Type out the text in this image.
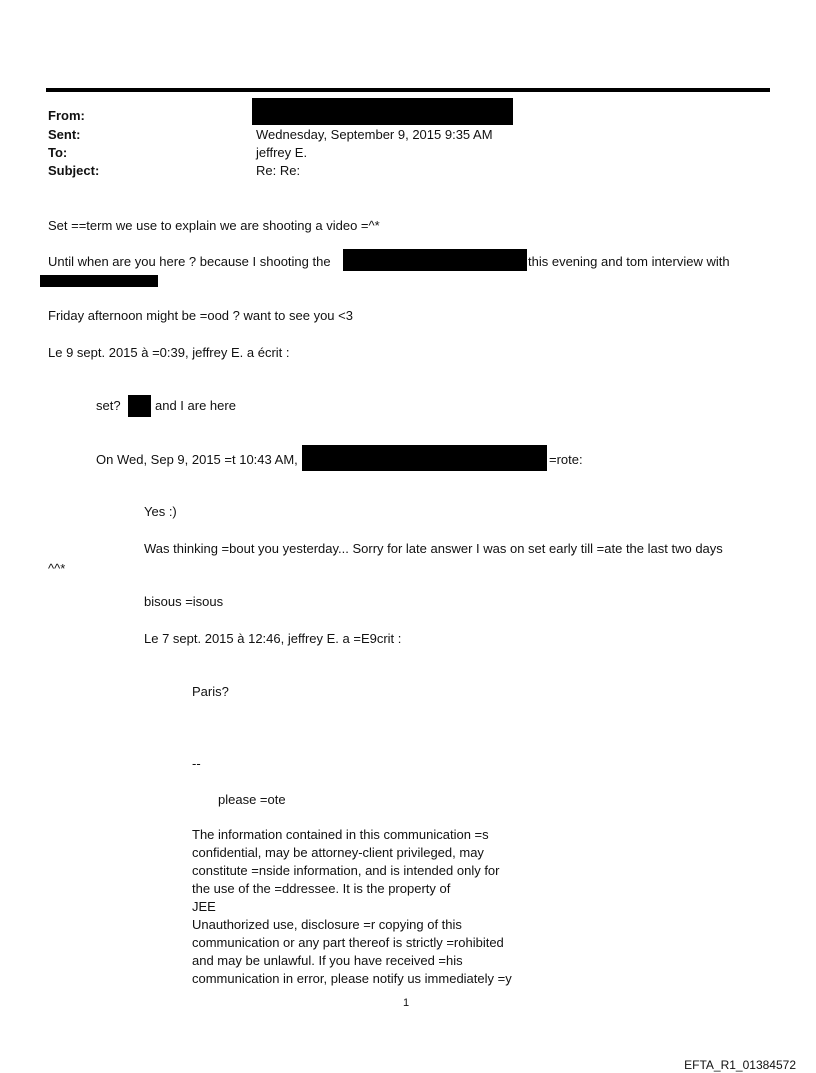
From:
Sent:	Wednesday, September 9, 2015 9:35 AM
To:	jeffrey E.
Subject:	Re: Re:
Set ==term we use to explain we are shooting a video =^*
Until when are you here ? because I shooting the	this evening and tom interview with
Friday afternoon might be =ood ? want to see you <3
Le 9 sept. 2015 à =0:39, jeffrey E. a écrit :
set?	and I are here
On Wed, Sep 9, 2015 =t 10:43 AM,	=rote:
Yes :)
Was thinking =bout you yesterday... Sorry for late answer I was on set early till =ate the last two days
^^*
bisous =isous
Le 7 sept. 2015 à 12:46, jeffrey E. a =E9crit :
Paris?
--
please =ote
The information contained in this communication =s
confidential, may be attorney-client privileged, may
constitute =nside information, and is intended only for
the use of the =ddressee. It is the property of
JEE
Unauthorized use, disclosure =r copying of this
communication or any part thereof is strictly =rohibited
and may be unlawful. If you have received =his
communication in error, please notify us immediately =y
1
EFTA_R1_01384572
